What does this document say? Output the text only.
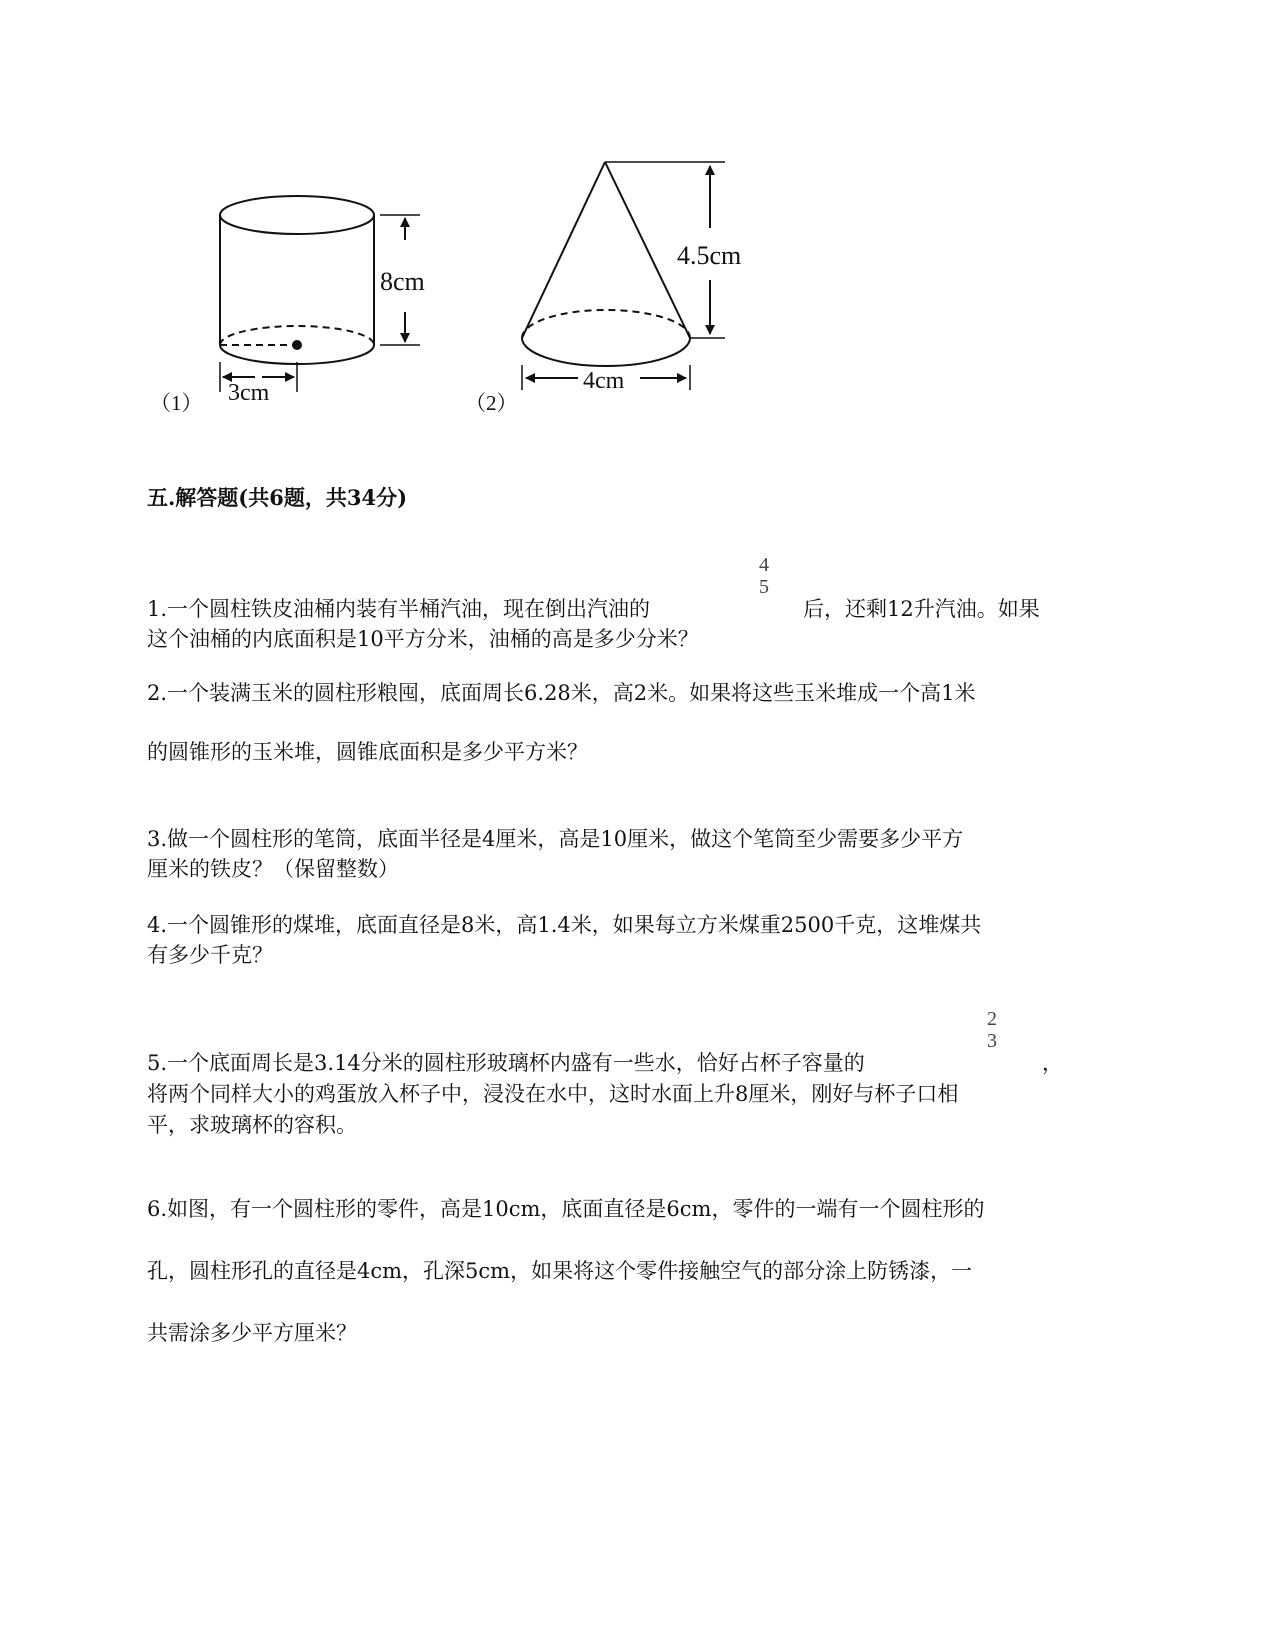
8cm
3cm
（1）
4.5cm
4cm
（2）
五.解答题(共6题，共34分)
4
5
1.一个圆柱铁皮油桶内装有半桶汽油，现在倒出汽油的	后，还剩12升汽油。如果
这个油桶的内底面积是10平方分米，油桶的高是多少分米？
2.一个装满玉米的圆柱形粮囤，底面周长6.28米，高2米。如果将这些玉米堆成一个高1米
的圆锥形的玉米堆，圆锥底面积是多少平方米？
3.做一个圆柱形的笔筒，底面半径是4厘米，高是10厘米，做这个笔筒至少需要多少平方
厘米的铁皮？（保留整数）
4.一个圆锥形的煤堆，底面直径是8米，高1.4米，如果每立方米煤重2500千克，这堆煤共
有多少千克？
2
3
5.一个底面周长是3.14分米的圆柱形玻璃杯内盛有一些水，恰好占杯子容量的	，
将两个同样大小的鸡蛋放入杯子中，浸没在水中，这时水面上升8厘米，刚好与杯子口相
平，求玻璃杯的容积。
6.如图，有一个圆柱形的零件，高是10cm，底面直径是6cm，零件的一端有一个圆柱形的
孔，圆柱形孔的直径是4cm，孔深5cm，如果将这个零件接触空气的部分涂上防锈漆，一
共需涂多少平方厘米？
